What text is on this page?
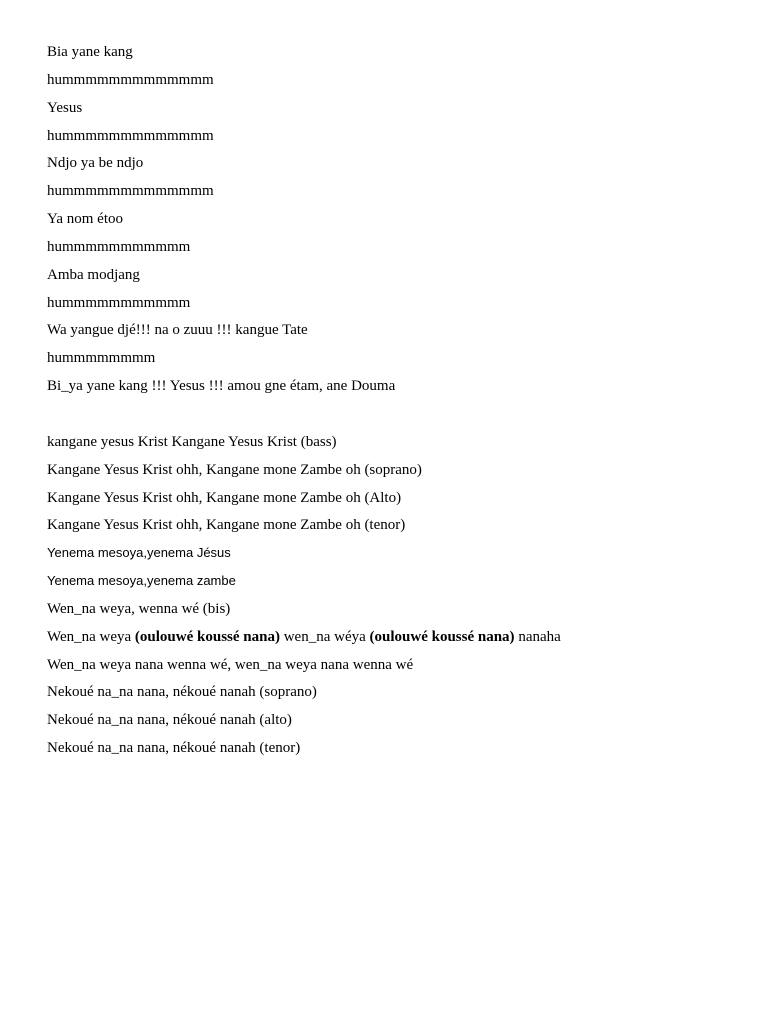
Bia yane kang
hummmmmmmmmmmmm
Yesus
hummmmmmmmmmmmm
Ndjo ya be ndjo
hummmmmmmmmmmmm
Ya nom étoo
hummmmmmmmmmm
Amba modjang
hummmmmmmmmmm
Wa yangue djé!!! na o zuuu !!! kangue Tate
hummmmmmmm
Bi_ya yane kang !!! Yesus !!! amou gne étam, ane Douma
kangane yesus Krist Kangane Yesus Krist (bass)
Kangane Yesus Krist ohh, Kangane mone Zambe oh (soprano)
Kangane Yesus Krist ohh, Kangane mone Zambe oh (Alto)
Kangane Yesus Krist ohh, Kangane mone Zambe oh (tenor)
Yenema mesoya,yenema Jésus
Yenema mesoya,yenema zambe
Wen_na weya, wenna wé (bis)
Wen_na weya (oulouwé koussé nana) wen_na wéya (oulouwé koussé nana) nanaha
Wen_na weya nana wenna wé, wen_na weya nana wenna wé
Nekoué na_na nana, nékoué nanah (soprano)
Nekoué na_na nana, nékoué nanah (alto)
Nekoué na_na nana, nékoué nanah (tenor)
